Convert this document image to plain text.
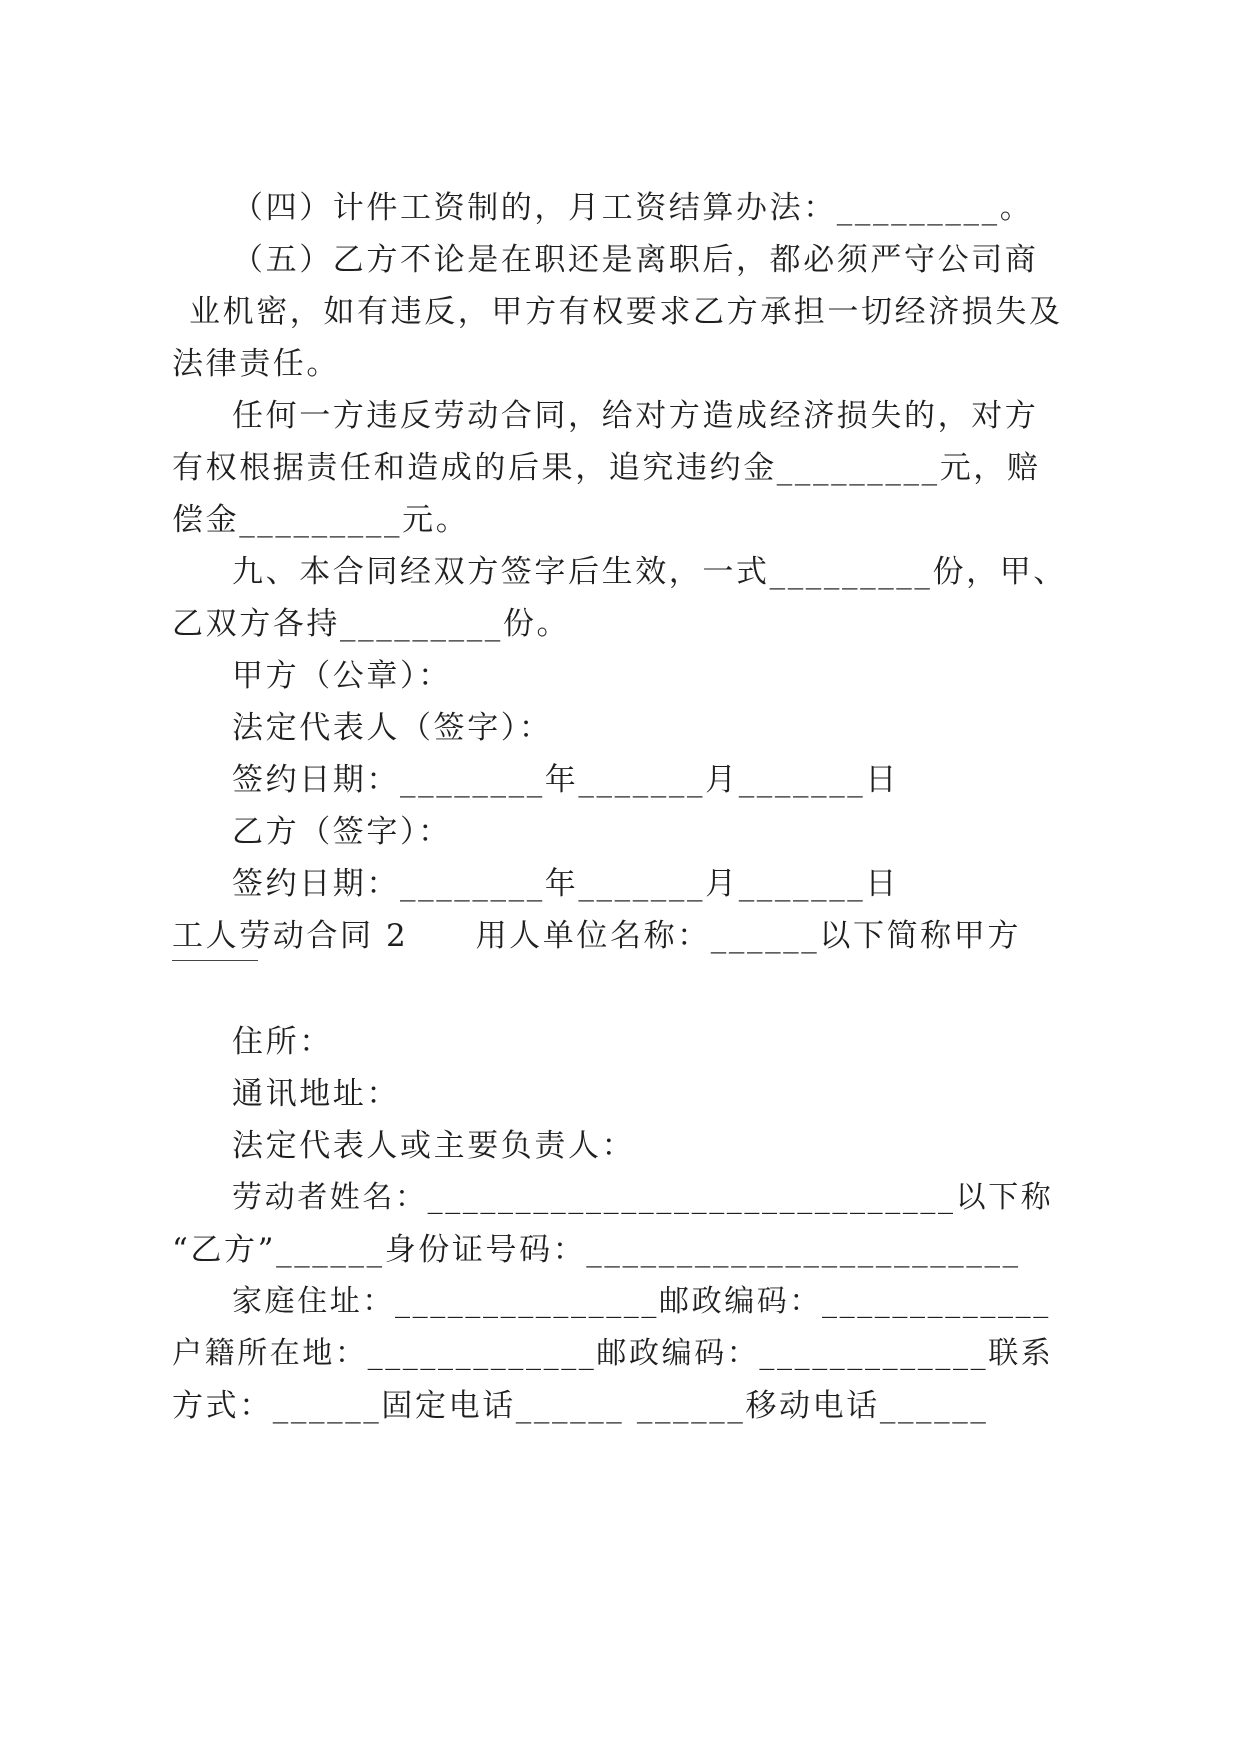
（四）计件工资制的，月工资结算办法：_________。

（五）乙方不论是在职还是离职后，都必须严守公司商

业机密，如有违反，甲方有权要求乙方承担一切经济损失及

法律责任。

任何一方违反劳动合同，给对方造成经济损失的，对方

有权根据责任和造成的后果，追究违约金_________元，赔

偿金_________元。

九、本合同经双方签字后生效，一式_________份，甲、

乙双方各持_________份。

甲方（公章）：

法定代表人（签字）：

签约日期：________年_______月_______日

乙方（签字）：

签约日期：________年_______月_______日

工人劳动合同 2　　用人单位名称：______以下简称甲方

住所：

通讯地址：

法定代表人或主要负责人：

劳动者姓名：______________________________以下称

“乙方”______身份证号码：________________________

家庭住址：_______________邮政编码：_____________

户籍所在地：_____________邮政编码：_____________联系

方式：______固定电话______ ______移动电话______
